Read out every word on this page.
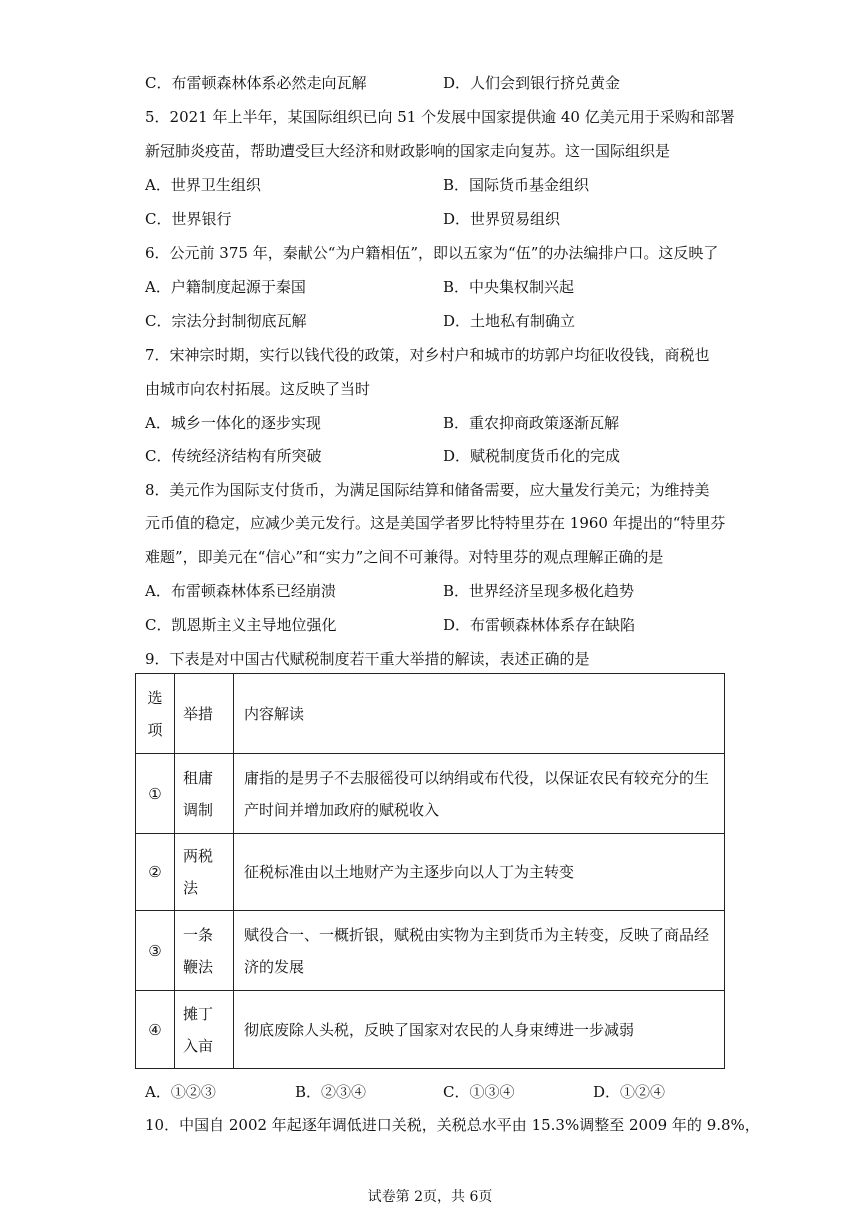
C．布雷顿森林体系必然走向瓦解	D．人们会到银行挤兑黄金
5．2021 年上半年，某国际组织已向 51 个发展中国家提供逾 40 亿美元用于采购和部署
新冠肺炎疫苗，帮助遭受巨大经济和财政影响的国家走向复苏。这一国际组织是
A．世界卫生组织	B．国际货币基金组织
C．世界银行	D．世界贸易组织
6．公元前 375 年，秦献公“为户籍相伍”，即以五家为“伍”的办法编排户口。这反映了
A．户籍制度起源于秦国	B．中央集权制兴起
C．宗法分封制彻底瓦解	D．土地私有制确立
7．宋神宗时期，实行以钱代役的政策，对乡村户和城市的坊郭户均征收役钱，商税也
由城市向农村拓展。这反映了当时
A．城乡一体化的逐步实现	B．重农抑商政策逐渐瓦解
C．传统经济结构有所突破	D．赋税制度货币化的完成
8．美元作为国际支付货币，为满足国际结算和储备需要，应大量发行美元；为维持美
元币值的稳定，应减少美元发行。这是美国学者罗比特特里芬在 1960 年提出的“特里芬
难题”，即美元在“信心”和“实力”之间不可兼得。对特里芬的观点理解正确的是
A．布雷顿森林体系已经崩溃	B．世界经济呈现多极化趋势
C．凯恩斯主义主导地位强化	D．布雷顿森林体系存在缺陷
9．下表是对中国古代赋税制度若干重大举措的解读，表述正确的是
选项	举措	内容解读
①	租庸调制	庸指的是男子不去服徭役可以纳绢或布代役，以保证农民有较充分的生产时间并增加政府的赋税收入
②	两税法	征税标准由以土地财产为主逐步向以人丁为主转变
③	一条鞭法	赋役合一、一概折银，赋税由实物为主到货币为主转变，反映了商品经济的发展
④	摊丁入亩	彻底废除人头税，反映了国家对农民的人身束缚进一步减弱
A．①②③	B．②③④	C．①③④	D．①②④
10．中国自 2002 年起逐年调低进口关税，关税总水平由 15.3%调整至 2009 年的 9.8%，
试卷第 2页，共 6页
